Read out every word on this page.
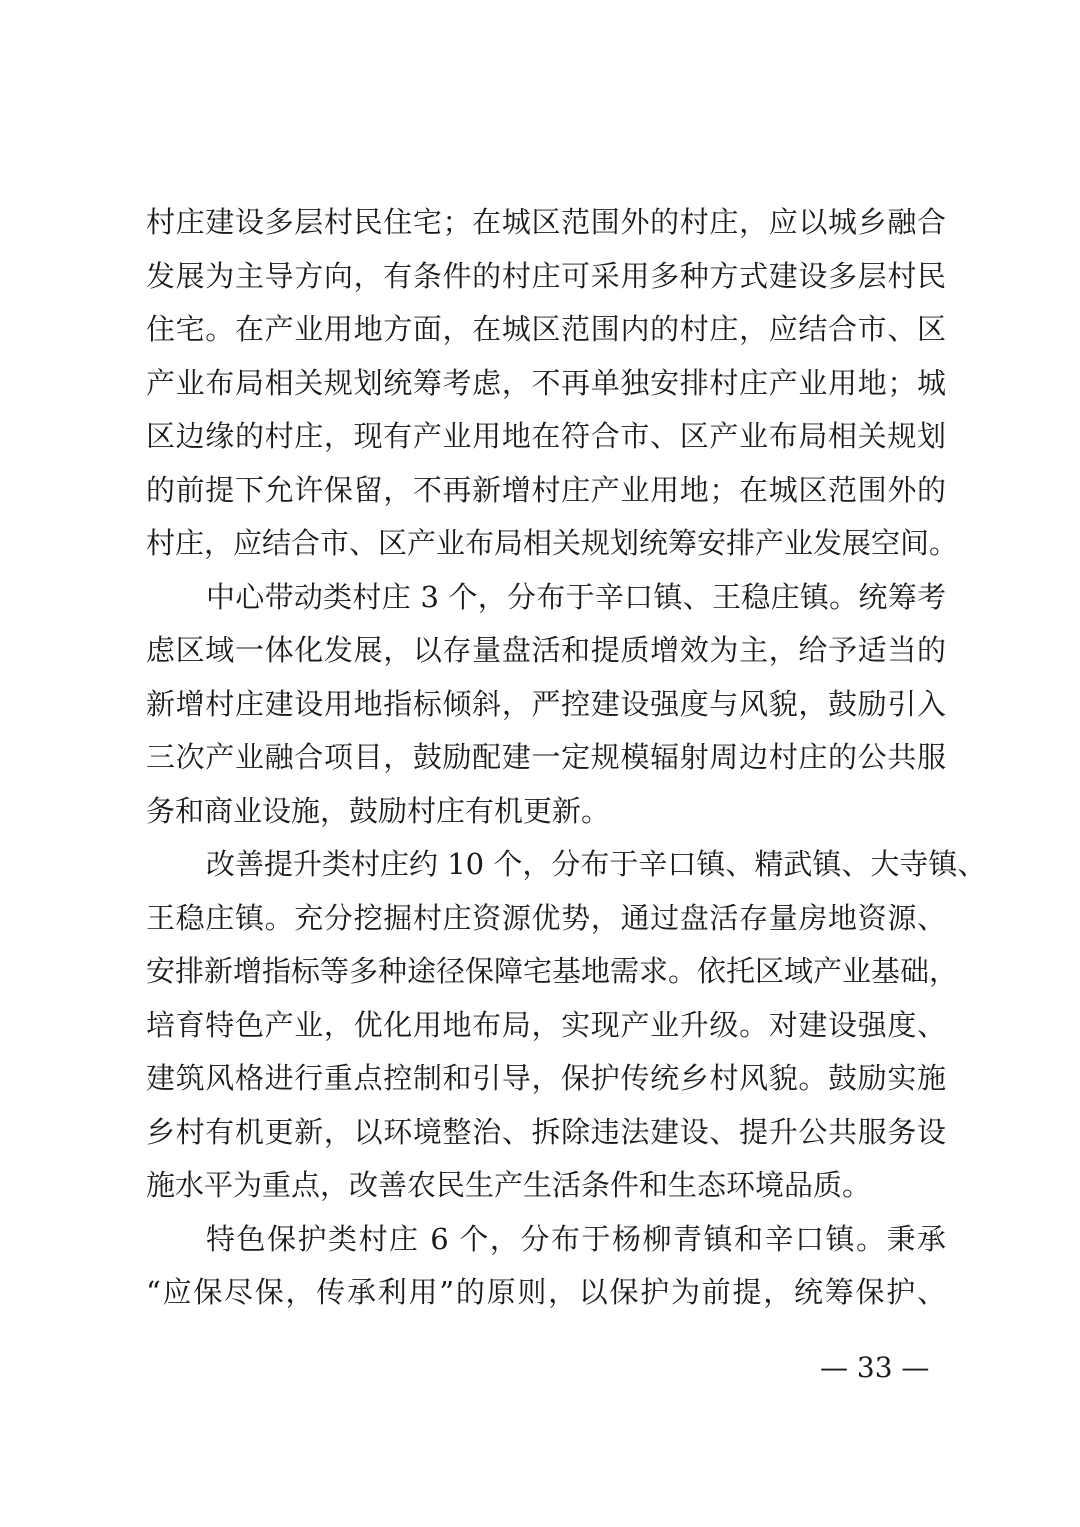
村庄建设多层村民住宅；在城区范围外的村庄，应以城乡融合
发展为主导方向，有条件的村庄可采用多种方式建设多层村民
住宅。在产业用地方面，在城区范围内的村庄，应结合市、区
产业布局相关规划统筹考虑，不再单独安排村庄产业用地；城
区边缘的村庄，现有产业用地在符合市、区产业布局相关规划
的前提下允许保留，不再新增村庄产业用地；在城区范围外的
村庄，应结合市、区产业布局相关规划统筹安排产业发展空间。
中心带动类村庄 3 个，分布于辛口镇、王稳庄镇。统筹考
虑区域一体化发展，以存量盘活和提质增效为主，给予适当的
新增村庄建设用地指标倾斜，严控建设强度与风貌，鼓励引入
三次产业融合项目，鼓励配建一定规模辐射周边村庄的公共服
务和商业设施，鼓励村庄有机更新。
改善提升类村庄约 10 个，分布于辛口镇、精武镇、大寺镇、
王稳庄镇。充分挖掘村庄资源优势，通过盘活存量房地资源、
安排新增指标等多种途径保障宅基地需求。依托区域产业基础，
培育特色产业，优化用地布局，实现产业升级。对建设强度、
建筑风格进行重点控制和引导，保护传统乡村风貌。鼓励实施
乡村有机更新，以环境整治、拆除违法建设、提升公共服务设
施水平为重点，改善农民生产生活条件和生态环境品质。
特色保护类村庄 6 个，分布于杨柳青镇和辛口镇。秉承
“应保尽保，传承利用”的原则，以保护为前提，统筹保护、
— 33 —
